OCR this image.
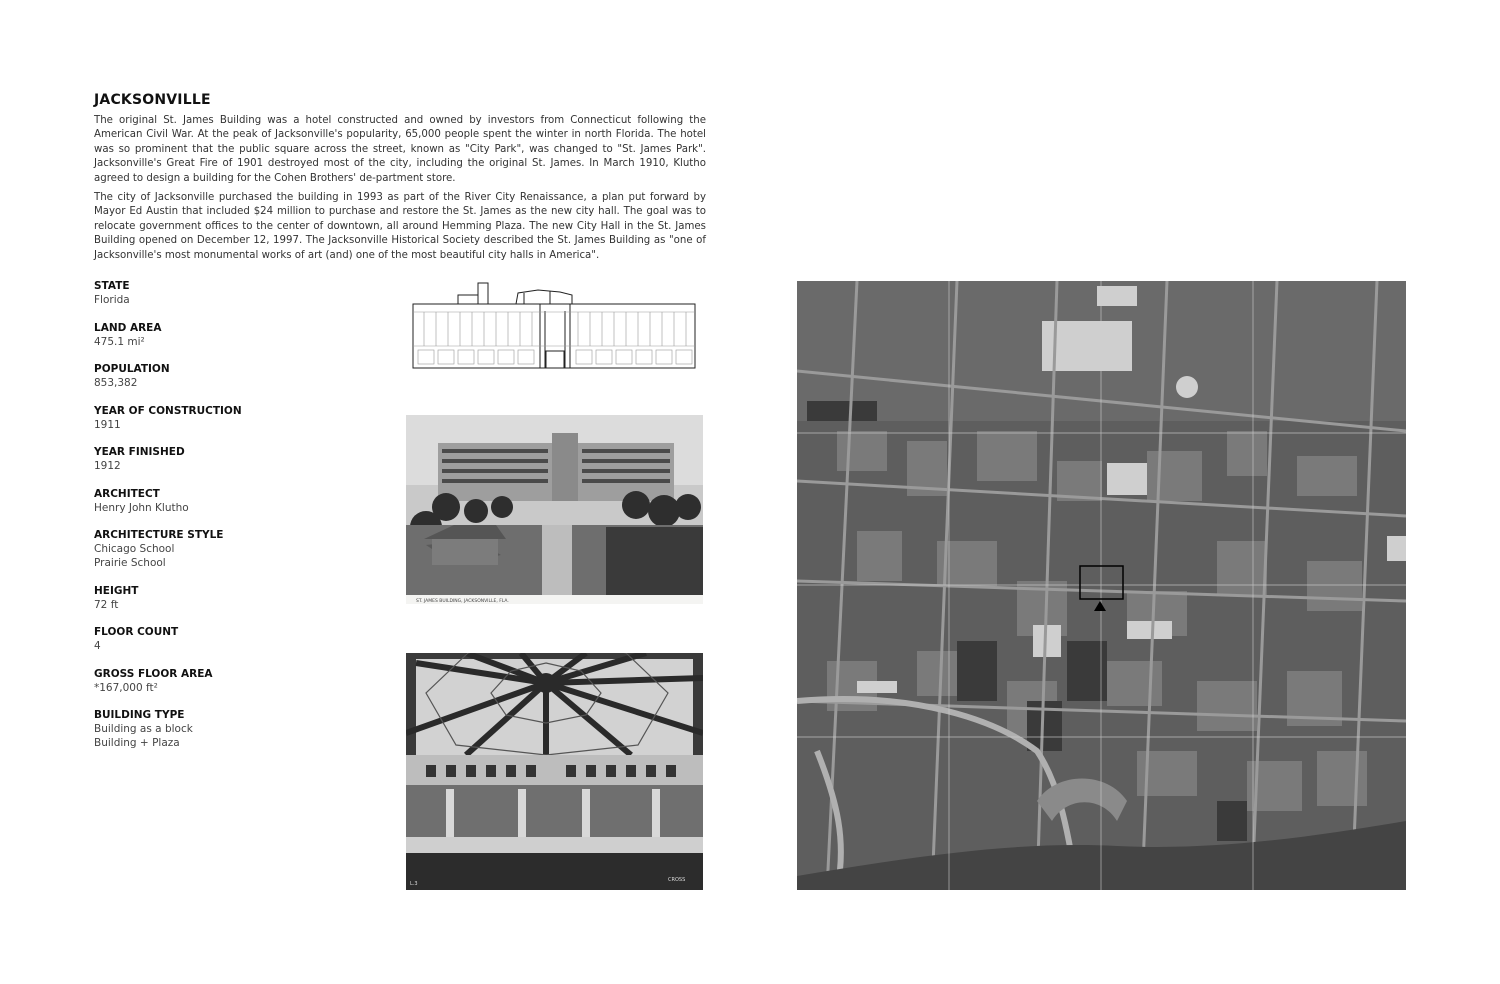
JACKSONVILLE

The original St. James Building was a hotel constructed and owned by investors from Connecticut following the American Civil War. At the peak of Jacksonville's popularity, 65,000 people spent the winter in north Florida. The hotel was so prominent that the public square across the street, known as "City Park", was changed to "St. James Park". Jacksonville's Great Fire of 1901 destroyed most of the city, including the original St. James. In March 1910, Klutho agreed to design a building for the Cohen Brothers' de-partment store.

The city of Jacksonville purchased the building in 1993 as part of the River City Renaissance, a plan put forward by Mayor Ed Austin that included $24 million to purchase and restore the St. James as the new city hall. The goal was to relocate government offices to the center of downtown, all around Hemming Plaza. The new City Hall in the St. James Building opened on December 12, 1997. The Jacksonville Historical Society described the St. James Building as "one of Jacksonville's most monumental works of art (and) one of the most beautiful city halls in America".

STATE
Florida
LAND AREA
475.1 mi²
POPULATION
853,382
YEAR OF CONSTRUCTION
1911
YEAR FINISHED
1912
ARCHITECT
Henry John Klutho
ARCHITECTURE STYLE
Chicago School
Prairie School
HEIGHT
72 ft
FLOOR COUNT
4
GROSS FLOOR AREA
*167,000 ft²
BUILDING TYPE
Building as a block
Building + Plaza
ST. JAMES BUILDING, JACKSONVILLE, FLA.
L.3
CROSS
